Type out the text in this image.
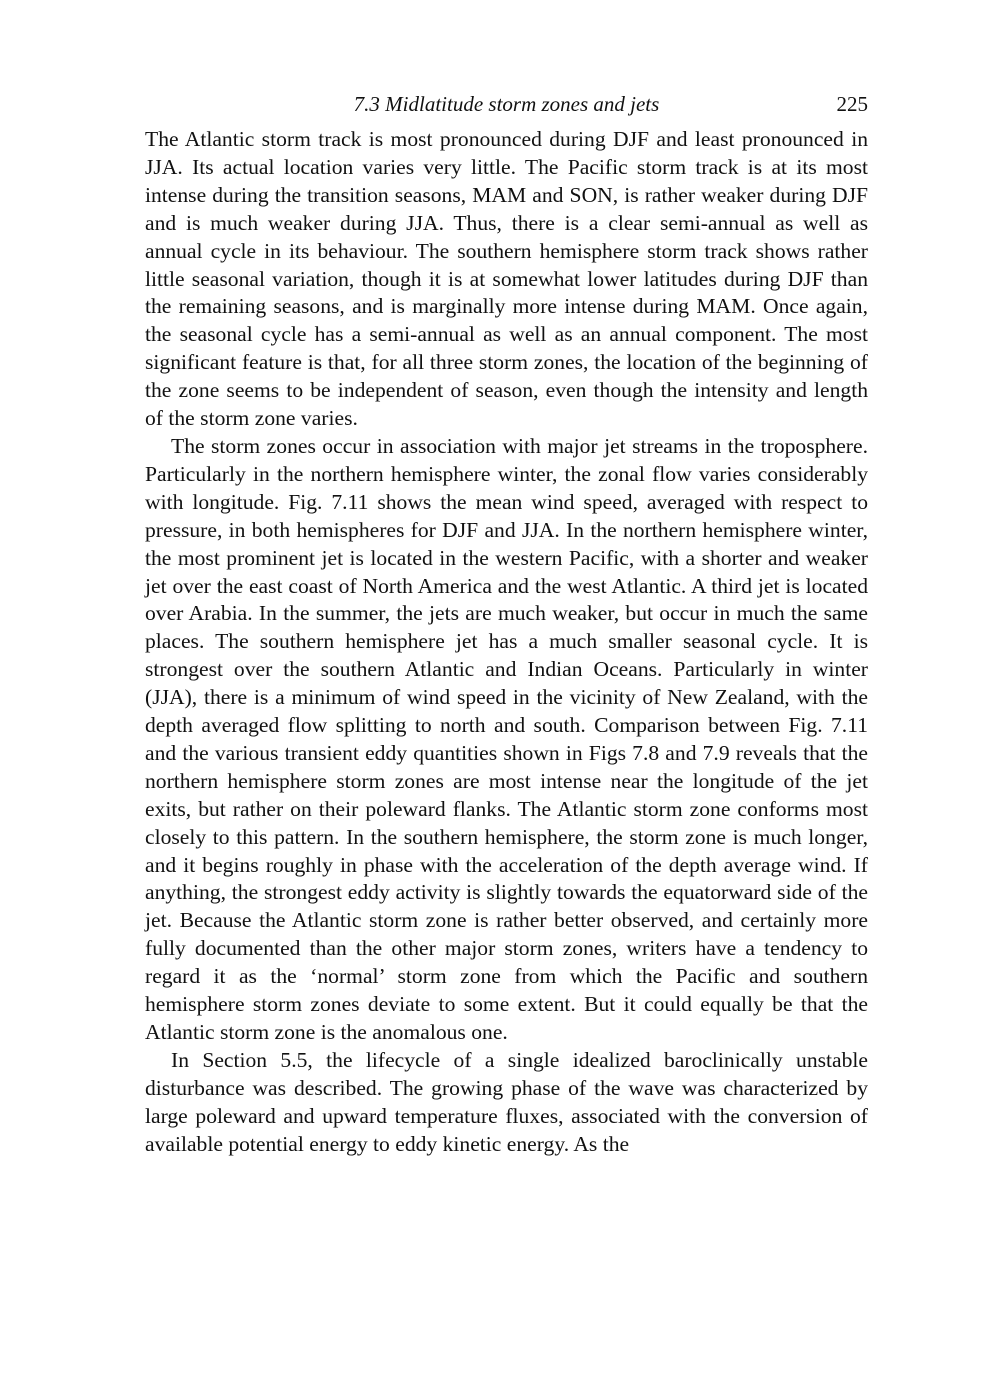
7.3 Midlatitude storm zones and jets	225

The Atlantic storm track is most pronounced during DJF and least pronounced in JJA. Its actual location varies very little. The Pacific storm track is at its most intense during the transition seasons, MAM and SON, is rather weaker during DJF and is much weaker during JJA. Thus, there is a clear semi-annual as well as annual cycle in its behaviour. The southern hemisphere storm track shows rather little seasonal variation, though it is at somewhat lower latitudes during DJF than the remaining seasons, and is marginally more intense during MAM. Once again, the seasonal cycle has a semi-annual as well as an annual component. The most significant feature is that, for all three storm zones, the location of the beginning of the zone seems to be independent of season, even though the intensity and length of the storm zone varies.

The storm zones occur in association with major jet streams in the troposphere. Particularly in the northern hemisphere winter, the zonal flow varies considerably with longitude. Fig. 7.11 shows the mean wind speed, averaged with respect to pressure, in both hemispheres for DJF and JJA. In the northern hemisphere winter, the most prominent jet is located in the western Pacific, with a shorter and weaker jet over the east coast of North America and the west Atlantic. A third jet is located over Arabia. In the summer, the jets are much weaker, but occur in much the same places. The southern hemisphere jet has a much smaller seasonal cycle. It is strongest over the southern Atlantic and Indian Oceans. Particularly in winter (JJA), there is a minimum of wind speed in the vicinity of New Zealand, with the depth averaged flow splitting to north and south. Comparison between Fig. 7.11 and the various transient eddy quantities shown in Figs 7.8 and 7.9 reveals that the northern hemisphere storm zones are most intense near the longitude of the jet exits, but rather on their poleward flanks. The Atlantic storm zone conforms most closely to this pattern. In the southern hemisphere, the storm zone is much longer, and it begins roughly in phase with the acceleration of the depth average wind. If anything, the strongest eddy activity is slightly towards the equatorward side of the jet. Because the Atlantic storm zone is rather better observed, and certainly more fully documented than the other major storm zones, writers have a tendency to regard it as the ‘normal’ storm zone from which the Pacific and southern hemisphere storm zones deviate to some extent. But it could equally be that the Atlantic storm zone is the anomalous one.

In Section 5.5, the lifecycle of a single idealized baroclinically unstable disturbance was described. The growing phase of the wave was characterized by large poleward and upward temperature fluxes, associated with the conversion of available potential energy to eddy kinetic energy. As the
